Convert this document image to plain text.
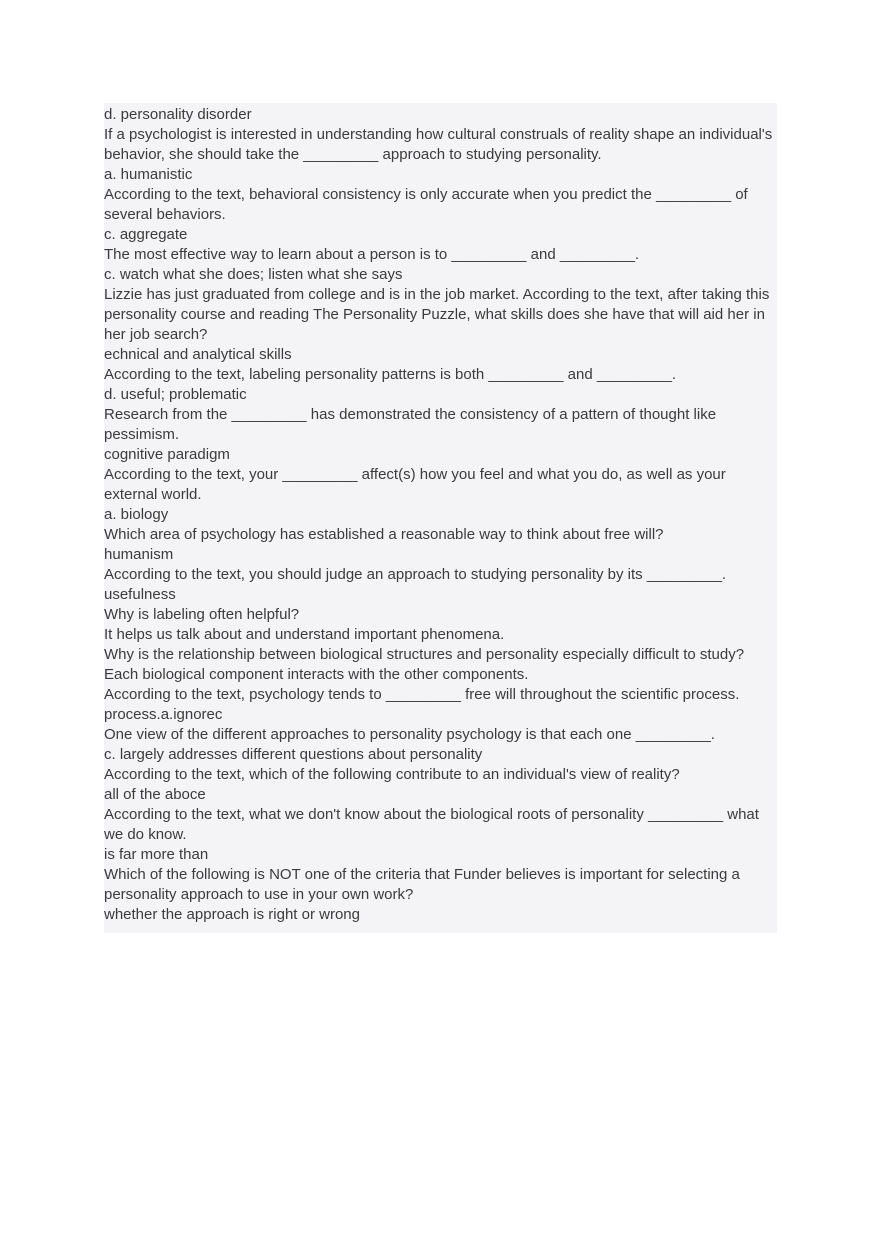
d. personality disorder

If a psychologist is interested in understanding how cultural construals of reality shape an individual's behavior, she should take the _________ approach to studying personality.

a. humanistic

According to the text, behavioral consistency is only accurate when you predict the _________ of several behaviors.

c. aggregate

The most effective way to learn about a person is to _________ and _________.

c. watch what she does; listen what she says

Lizzie has just graduated from college and is in the job market. According to the text, after taking this personality course and reading The Personality Puzzle, what skills does she have that will aid her in her job search?

echnical and analytical skills

According to the text, labeling personality patterns is both _________ and _________.

d. useful; problematic

Research from the _________ has demonstrated the consistency of a pattern of thought like pessimism.

cognitive paradigm

According to the text, your _________ affect(s) how you feel and what you do, as well as your external world.

a. biology

Which area of psychology has established a reasonable way to think about free will?

humanism

According to the text, you should judge an approach to studying personality by its _________.

usefulness

Why is labeling often helpful?

It helps us talk about and understand important phenomena.

Why is the relationship between biological structures and personality especially difficult to study?

Each biological component interacts with the other components.

According to the text, psychology tends to _________ free will throughout the scientific process.

process.a.ignorec

One view of the different approaches to personality psychology is that each one _________.

c. largely addresses different questions about personality

According to the text, which of the following contribute to an individual's view of reality?

all of the aboce

According to the text, what we don't know about the biological roots of personality _________ what we do know.

is far more than

Which of the following is NOT one of the criteria that Funder believes is important for selecting a personality approach to use in your own work?

whether the approach is right or wrong
